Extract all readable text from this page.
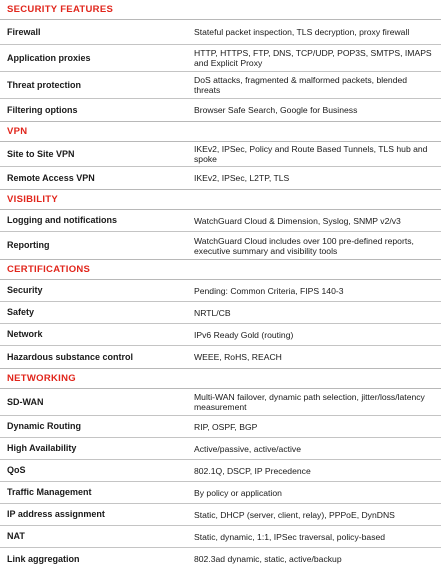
SECURITY FEATURES
Firewall	Stateful packet inspection, TLS decryption, proxy firewall
Application proxies	HTTP, HTTPS, FTP, DNS, TCP/UDP, POP3S, SMTPS, IMAPS and Explicit Proxy
Threat protection	DoS attacks, fragmented & malformed packets, blended threats
Filtering options	Browser Safe Search, Google for Business
VPN
Site to Site VPN	IKEv2, IPSec, Policy and Route Based Tunnels, TLS hub and spoke
Remote Access VPN	IKEv2, IPSec, L2TP, TLS
VISIBILITY
Logging and notifications	WatchGuard Cloud & Dimension, Syslog, SNMP v2/v3
Reporting	WatchGuard Cloud includes over 100 pre-defined reports, executive summary and visibility tools
CERTIFICATIONS
Security	Pending: Common Criteria, FIPS 140-3
Safety	NRTL/CB
Network	IPv6 Ready Gold (routing)
Hazardous substance control	WEEE, RoHS, REACH
NETWORKING
SD-WAN	Multi-WAN failover, dynamic path selection, jitter/loss/latency measurement
Dynamic Routing	RIP, OSPF, BGP
High Availability	Active/passive, active/active
QoS	802.1Q, DSCP, IP Precedence
Traffic Management	By policy or application
IP address assignment	Static, DHCP (server, client, relay), PPPoE, DynDNS
NAT	Static, dynamic, 1:1, IPSec traversal, policy-based
Link aggregation	802.3ad dynamic, static, active/backup
